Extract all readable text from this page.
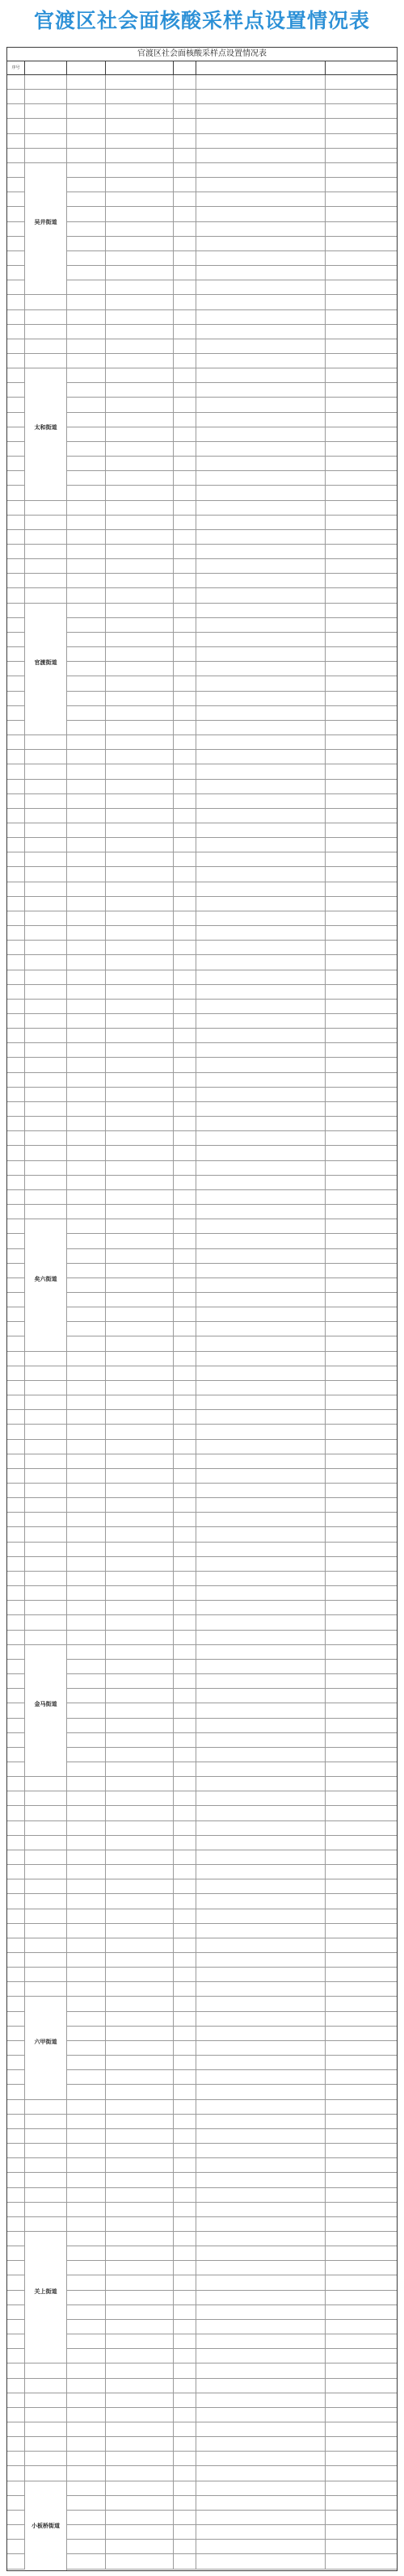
官渡区社会面核酸采样点设置情况表
官渡区社会面核酸采样点设置情况表
序号
吴井街道
太和街道
官渡街道
矣六街道
金马街道
六甲街道
关上街道
小板桥街道
